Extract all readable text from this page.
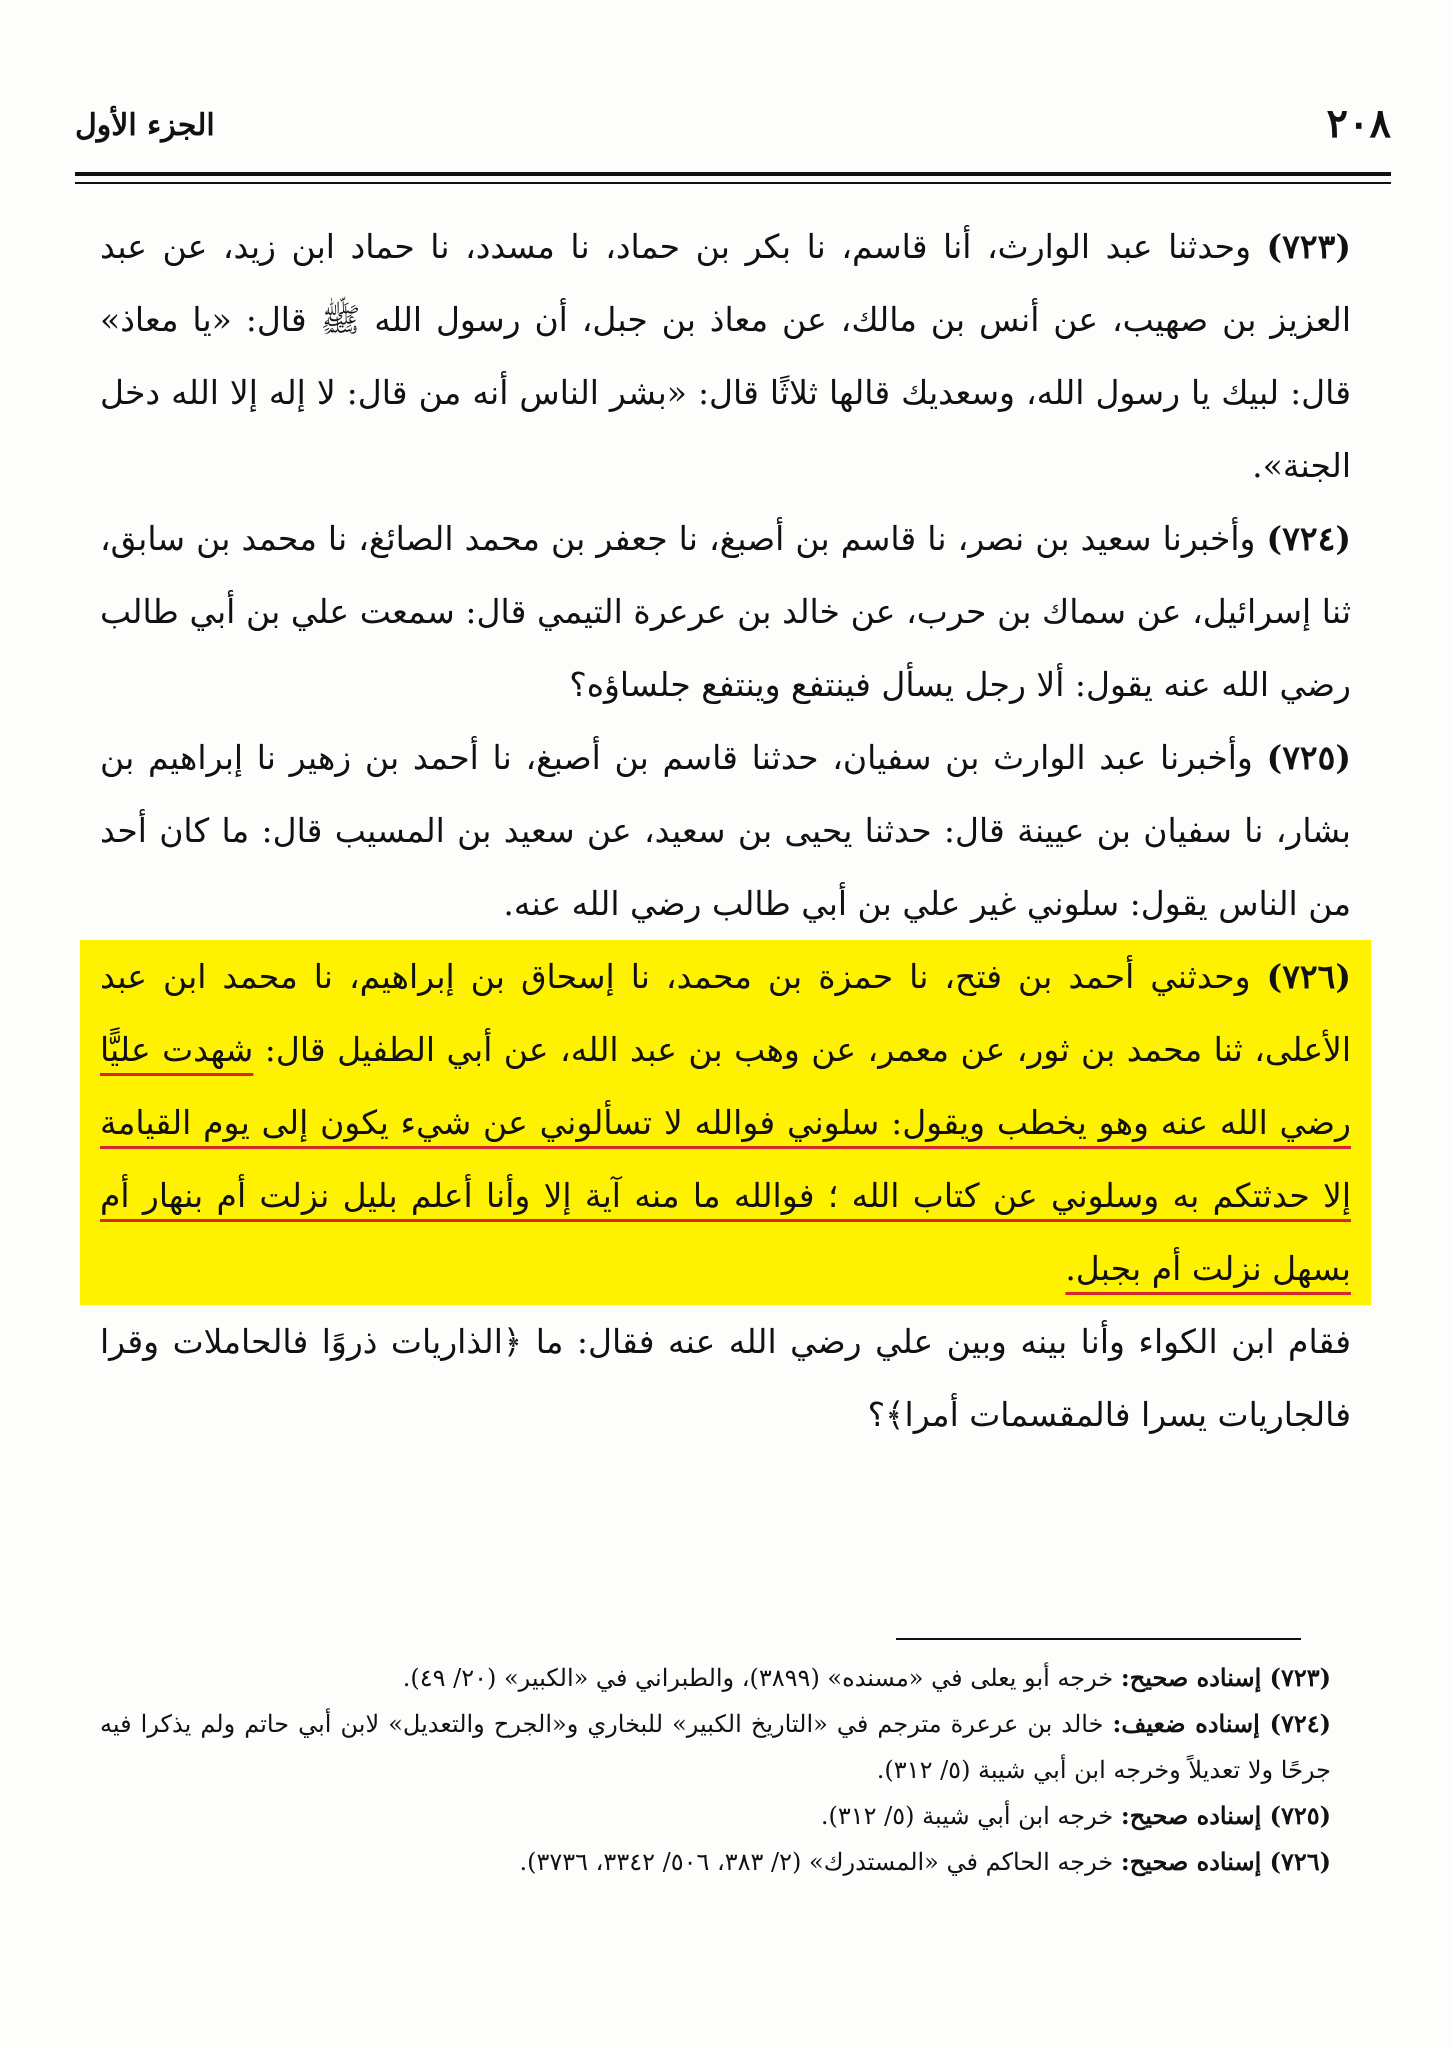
٢٠٨
الجزء الأول

(٧٢٣) وحدثنا عبد الوارث، أنا قاسم، نا بكر بن حماد، نا مسدد، نا حماد ابن زيد، عن عبد العزيز بن صهيب، عن أنس بن مالك، عن معاذ بن جبل، أن رسول الله ﷺ قال: «يا معاذ» قال: لبيك يا رسول الله، وسعديك قالها ثلاثًا قال: «بشر الناس أنه من قال: لا إله إلا الله دخل الجنة».

(٧٢٤) وأخبرنا سعيد بن نصر، نا قاسم بن أصبغ، نا جعفر بن محمد الصائغ، نا محمد بن سابق، ثنا إسرائيل، عن سماك بن حرب، عن خالد بن عرعرة التيمي قال: سمعت علي بن أبي طالب رضي الله عنه يقول: ألا رجل يسأل فينتفع وينتفع جلساؤه؟

(٧٢٥) وأخبرنا عبد الوارث بن سفيان، حدثنا قاسم بن أصبغ، نا أحمد بن زهير نا إبراهيم بن بشار، نا سفيان بن عيينة قال: حدثنا يحيى بن سعيد، عن سعيد بن المسيب قال: ما كان أحد من الناس يقول: سلوني غير علي بن أبي طالب رضي الله عنه.

(٧٢٦) وحدثني أحمد بن فتح، نا حمزة بن محمد، نا إسحاق بن إبراهيم، نا محمد ابن عبد الأعلى، ثنا محمد بن ثور، عن معمر، عن وهب بن عبد الله، عن أبي الطفيل قال: شهدت عليًّا رضي الله عنه وهو يخطب ويقول: سلوني فوالله لا تسألوني عن شيء يكون إلى يوم القيامة إلا حدثتكم به وسلوني عن كتاب الله ؛ فوالله ما منه آية إلا وأنا أعلم بليل نزلت أم بنهار أم بسهل نزلت أم بجبل.

فقام ابن الكواء وأنا بينه وبين علي رضي الله عنه فقال: ما ﴿الذاريات ذروًا فالحاملات وقرا فالجاريات يسرا فالمقسمات أمرا﴾؟

(٧٢٣) إسناده صحيح: خرجه أبو يعلى في «مسنده» (٣٨٩٩)، والطبراني في «الكبير» (٢٠/ ٤٩).

(٧٢٤) إسناده ضعيف: خالد بن عرعرة مترجم في «التاريخ الكبير» للبخاري و«الجرح والتعديل» لابن أبي حاتم ولم يذكرا فيه جرحًا ولا تعديلاً وخرجه ابن أبي شيبة (٥/ ٣١٢).

(٧٢٥) إسناده صحيح: خرجه ابن أبي شيبة (٥/ ٣١٢).

(٧٢٦) إسناده صحيح: خرجه الحاكم في «المستدرك» (٢/ ٣٨٣، ٥٠٦/ ٣٣٤٢، ٣٧٣٦).
